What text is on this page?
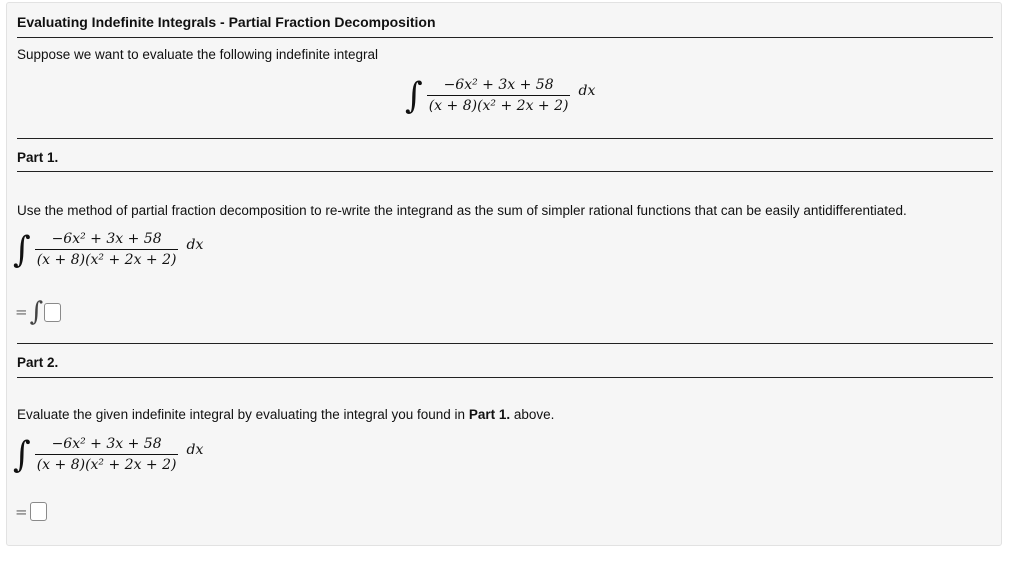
Evaluating Indefinite Integrals - Partial Fraction Decomposition
Suppose we want to evaluate the following indefinite integral
∫ $\frac{\text{−6x² + 3x + 58}}{\text{(x + 8)(x² + 2x + 2)}}$ dx
Part 1.
Use the method of partial fraction decomposition to re-write the integrand as the sum of simpler rational functions that can be easily antidifferentiated.
∫ $\frac{\text{−6x² + 3x + 58}}{\text{(x + 8)(x² + 2x + 2)}}$ dx
= ∫
Part 2.
Evaluate the given indefinite integral by evaluating the integral you found in Part 1. above.
∫ $\frac{\text{−6x² + 3x + 58}}{\text{(x + 8)(x² + 2x + 2)}}$ dx
=
